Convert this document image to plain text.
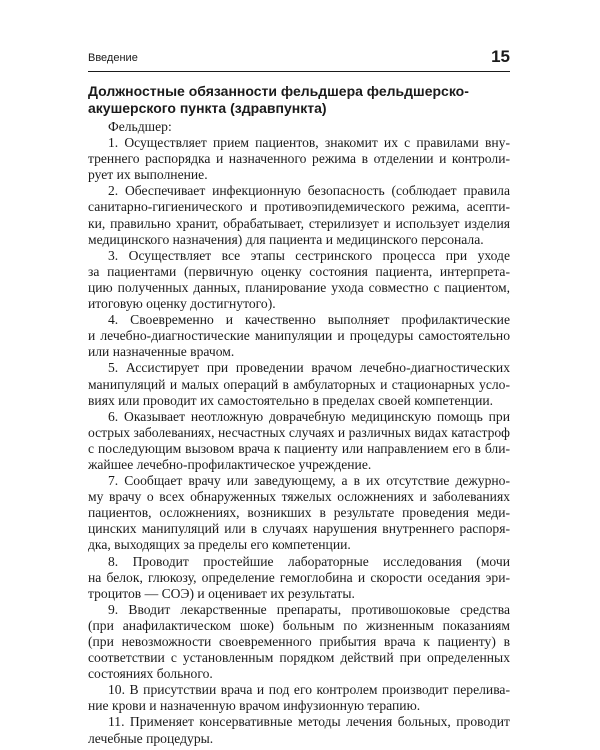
Введение	15
Должностные обязанности фельдшера фельдшерско-
акушерского пункта (здравпункта)
Фельдшер:
1. Осуществляет прием пациентов, знакомит их с правилами вну-
треннего распорядка и назначенного режима в отделении и контроли-
рует их выполнение.
2. Обеспечивает инфекционную безопасность (соблюдает правила
санитарно-гигиенического и противоэпидемического режима, асепти-
ки, правильно хранит, обрабатывает, стерилизует и использует изделия
медицинского назначения) для пациента и медицинского персонала.
3. Осуществляет все этапы сестринского процесса при уходе
за пациентами (первичную оценку состояния пациента, интерпрета-
цию полученных данных, планирование ухода совместно с пациентом,
итоговую оценку достигнутого).
4. Своевременно и качественно выполняет профилактические
и лечебно-диагностические манипуляции и процедуры самостоятельно
или назначенные врачом.
5. Ассистирует при проведении врачом лечебно-диагностических
манипуляций и малых операций в амбулаторных и стационарных усло-
виях или проводит их самостоятельно в пределах своей компетенции.
6. Оказывает неотложную доврачебную медицинскую помощь при
острых заболеваниях, несчастных случаях и различных видах катастроф
с последующим вызовом врача к пациенту или направлением его в бли-
жайшее лечебно-профилактическое учреждение.
7. Сообщает врачу или заведующему, а в их отсутствие дежурно-
му врачу о всех обнаруженных тяжелых осложнениях и заболеваниях
пациентов, осложнениях, возникших в результате проведения меди-
цинских манипуляций или в случаях нарушения внутреннего распоря-
дка, выходящих за пределы его компетенции.
8. Проводит простейшие лабораторные исследования (мочи
на белок, глюкозу, определение гемоглобина и скорости оседания эри-
троцитов — СОЭ) и оценивает их результаты.
9. Вводит лекарственные препараты, противошоковые средства
(при анафилактическом шоке) больным по жизненным показаниям
(при невозможности своевременного прибытия врача к пациенту) в
соответствии с установленным порядком действий при определенных
состояниях больного.
10. В присутствии врача и под его контролем производит перелива-
ние крови и назначенную врачом инфузионную терапию.
11. Применяет консервативные методы лечения больных, проводит
лечебные процедуры.
